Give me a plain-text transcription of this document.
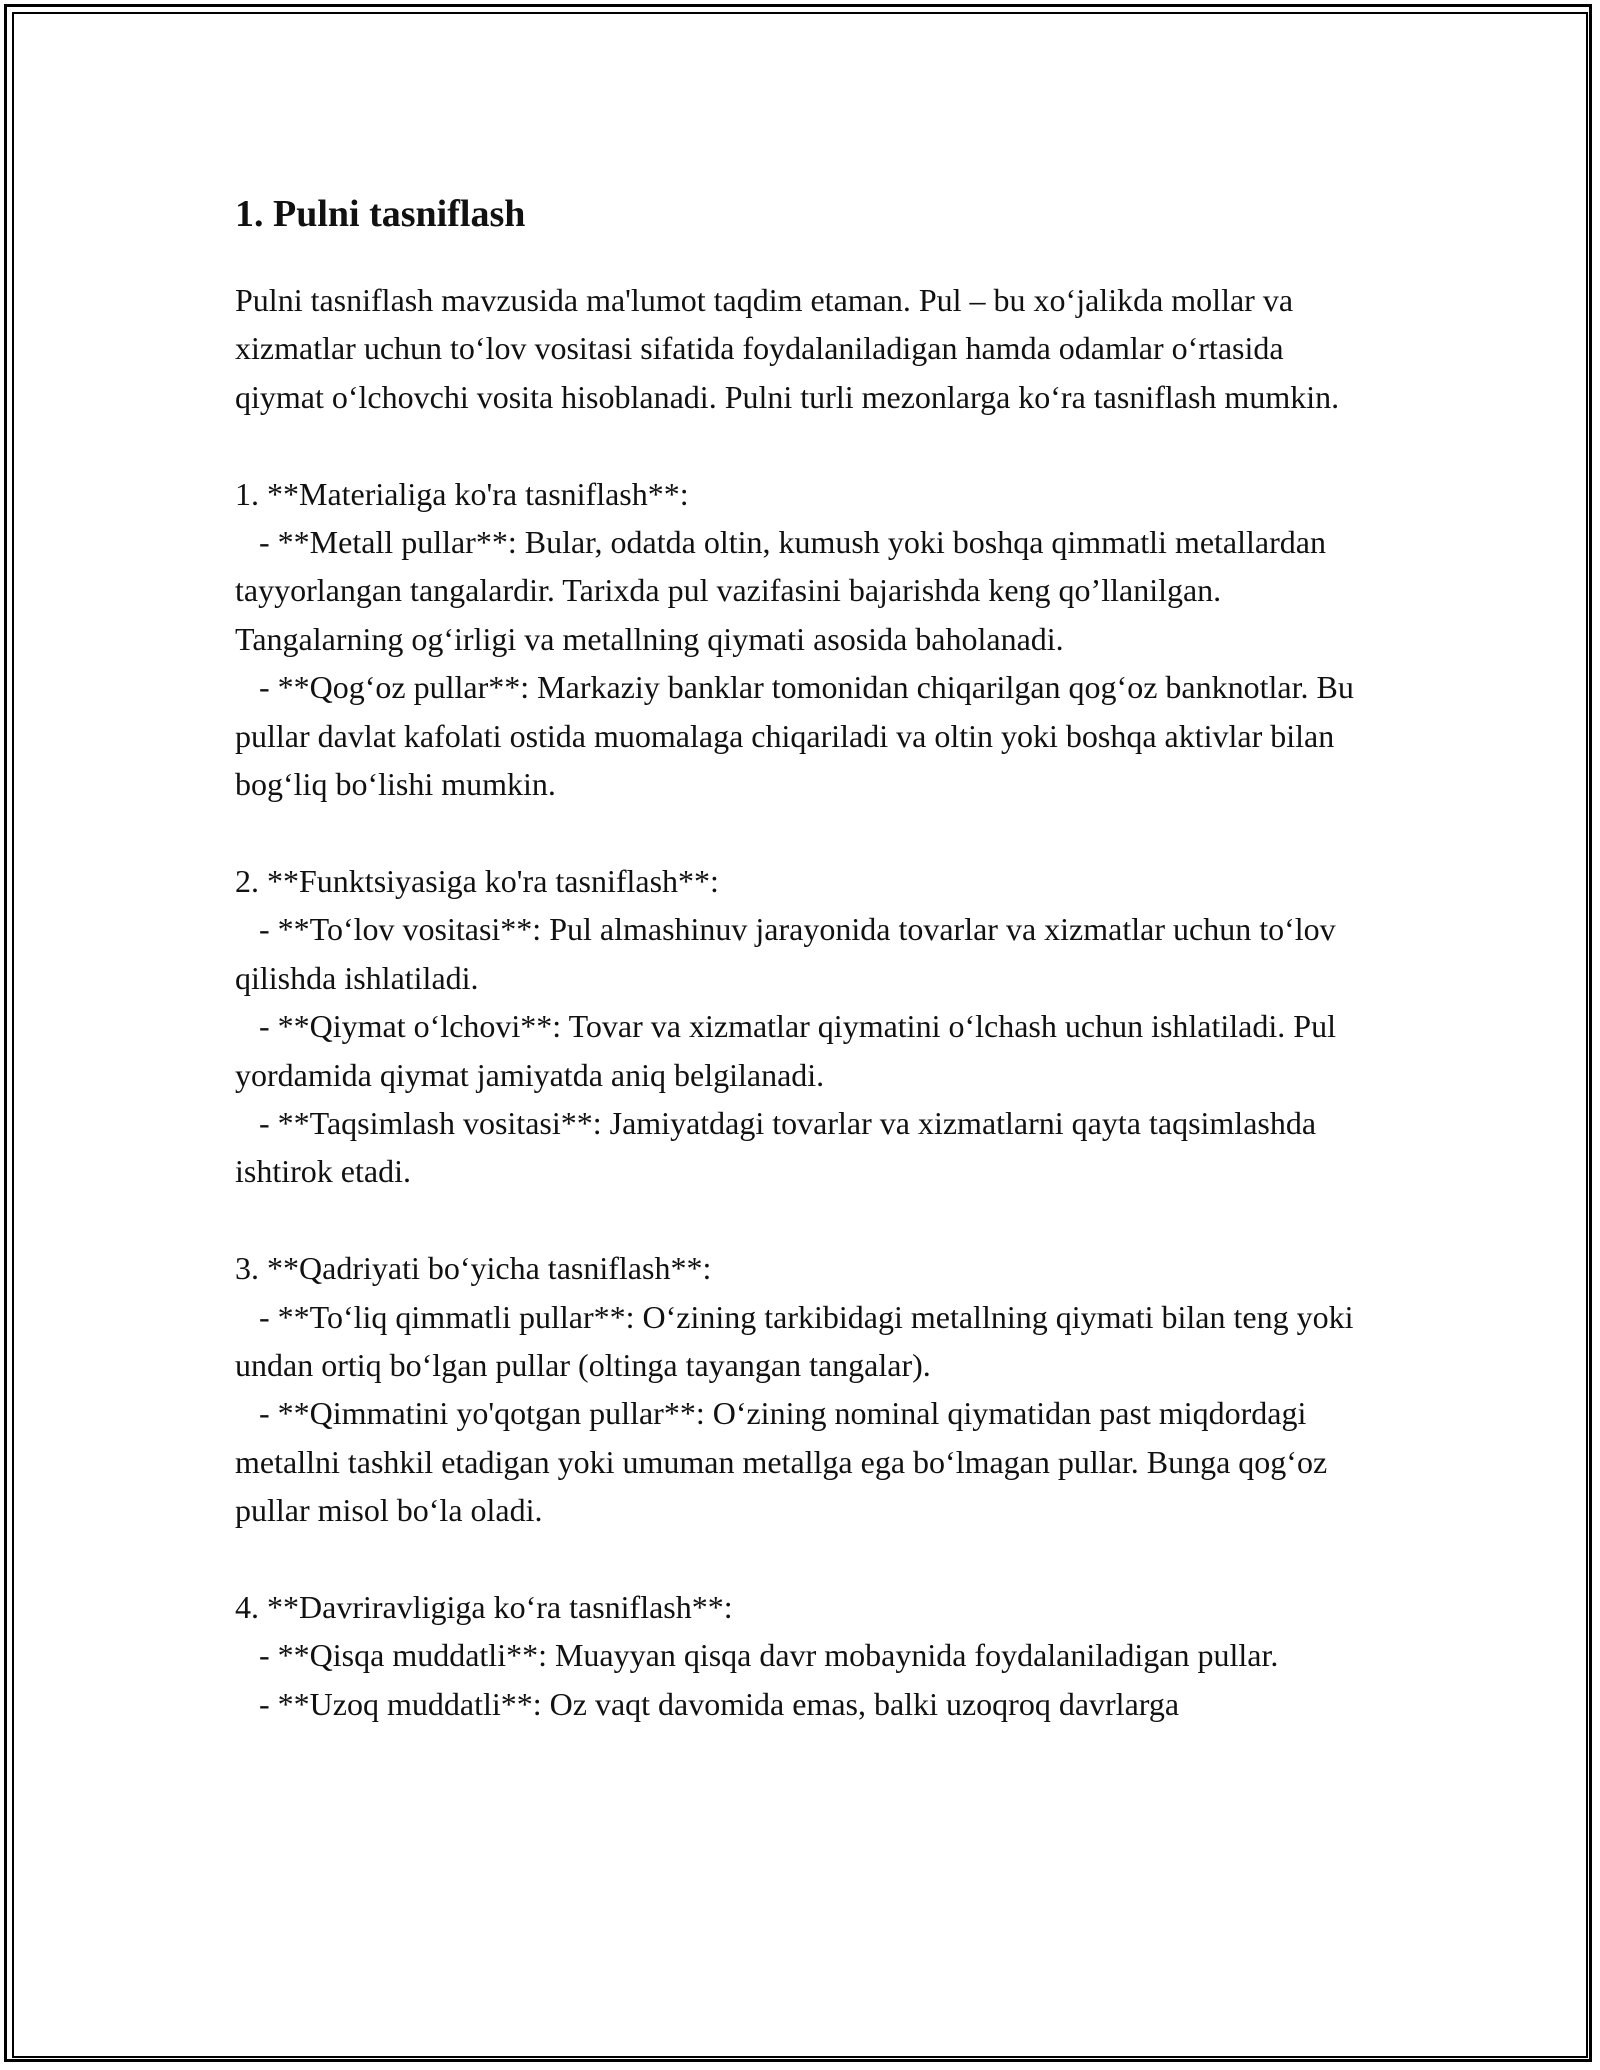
1. Pulni tasniflash

Pulni tasniflash mavzusida ma'lumot taqdim etaman. Pul – bu xo‘jalikda mollar va xizmatlar uchun to‘lov vositasi sifatida foydalaniladigan hamda odamlar o‘rtasida qiymat o‘lchovchi vosita hisoblanadi. Pulni turli mezonlarga ko‘ra tasniflash mumkin.

1. **Materialiga ko'ra tasniflash**:
- **Metall pullar**: Bular, odatda oltin, kumush yoki boshqa qimmatli metallardan tayyorlangan tangalardir. Tarixda pul vazifasini bajarishda keng qo’llanilgan. Tangalarning og‘irligi va metallning qiymati asosida baholanadi.
- **Qog‘oz pullar**: Markaziy banklar tomonidan chiqarilgan qog‘oz banknotlar. Bu pullar davlat kafolati ostida muomalaga chiqariladi va oltin yoki boshqa aktivlar bilan bog‘liq bo‘lishi mumkin.

2. **Funktsiyasiga ko'ra tasniflash**:
- **To‘lov vositasi**: Pul almashinuv jarayonida tovarlar va xizmatlar uchun to‘lov qilishda ishlatiladi.
- **Qiymat o‘lchovi**: Tovar va xizmatlar qiymatini o‘lchash uchun ishlatiladi. Pul yordamida qiymat jamiyatda aniq belgilanadi.
- **Taqsimlash vositasi**: Jamiyatdagi tovarlar va xizmatlarni qayta taqsimlashda ishtirok etadi.

3. **Qadriyati bo‘yicha tasniflash**:
- **To‘liq qimmatli pullar**: O‘zining tarkibidagi metallning qiymati bilan teng yoki undan ortiq bo‘lgan pullar (oltinga tayangan tangalar).
- **Qimmatini yo'qotgan pullar**: O‘zining nominal qiymatidan past miqdordagi metallni tashkil etadigan yoki umuman metallga ega bo‘lmagan pullar. Bunga qog‘oz pullar misol bo‘la oladi.

4. **Davriravligiga ko‘ra tasniflash**:
- **Qisqa muddatli**: Muayyan qisqa davr mobaynida foydalaniladigan pullar.
- **Uzoq muddatli**: Oz vaqt davomida emas, balki uzoqroq davrlarga
